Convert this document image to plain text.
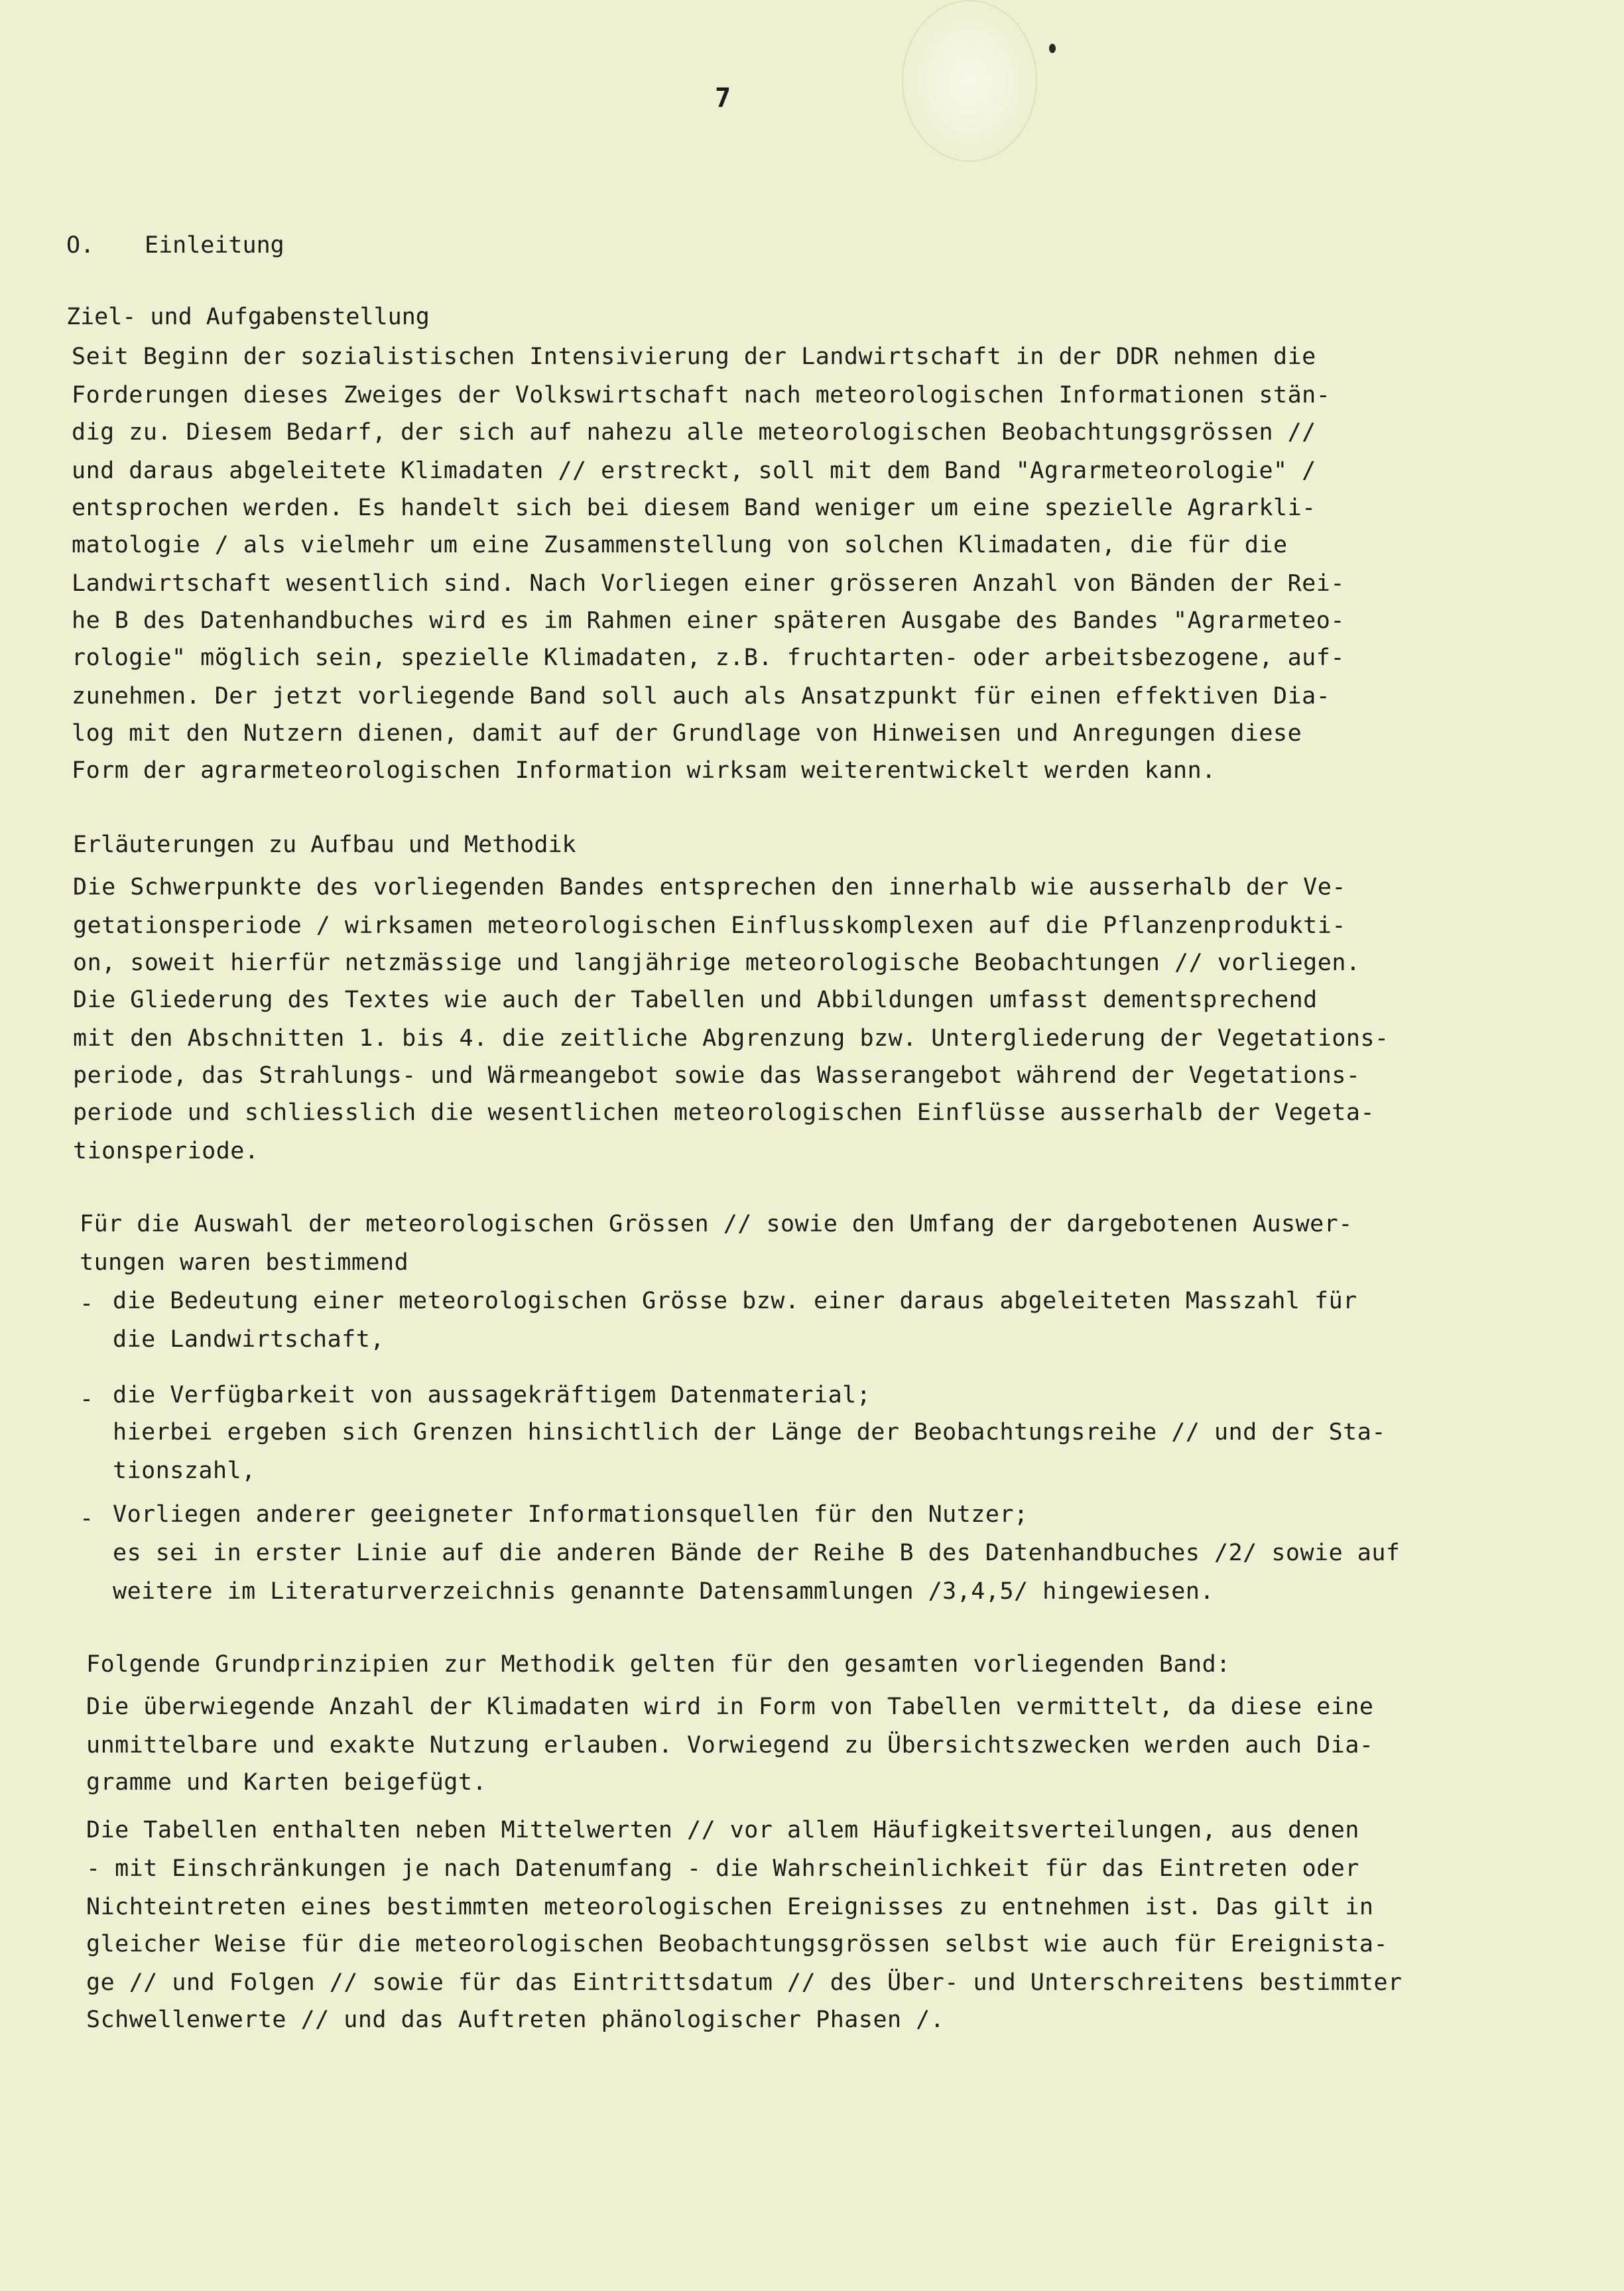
7
O. Einleitung
Ziel- und Aufgabenstellung
Seit Beginn der sozialistischen Intensivierung der Landwirtschaft in der DDR nehmen die
Forderungen dieses Zweiges der Volkswirtschaft nach meteorologischen Informationen stän-
dig zu. Diesem Bedarf, der sich auf nahezu alle meteorologischen Beobachtungsgrössen //
und daraus abgeleitete Klimadaten // erstreckt, soll mit dem Band "Agrarmeteorologie" /
entsprochen werden. Es handelt sich bei diesem Band weniger um eine spezielle Agrarkli-
matologie / als vielmehr um eine Zusammenstellung von solchen Klimadaten, die für die
Landwirtschaft wesentlich sind. Nach Vorliegen einer grösseren Anzahl von Bänden der Rei-
he B des Datenhandbuches wird es im Rahmen einer späteren Ausgabe des Bandes "Agrarmeteo-
rologie" möglich sein, spezielle Klimadaten, z.B. fruchtarten- oder arbeitsbezogene, auf-
zunehmen. Der jetzt vorliegende Band soll auch als Ansatzpunkt für einen effektiven Dia-
log mit den Nutzern dienen, damit auf der Grundlage von Hinweisen und Anregungen diese
Form der agrarmeteorologischen Information wirksam weiterentwickelt werden kann.
Erläuterungen zu Aufbau und Methodik
Die Schwerpunkte des vorliegenden Bandes entsprechen den innerhalb wie ausserhalb der Ve-
getationsperiode / wirksamen meteorologischen Einflusskomplexen auf die Pflanzenprodukti-
on, soweit hierfür netzmässige und langjährige meteorologische Beobachtungen // vorliegen.
Die Gliederung des Textes wie auch der Tabellen und Abbildungen umfasst dementsprechend
mit den Abschnitten 1. bis 4. die zeitliche Abgrenzung bzw. Untergliederung der Vegetations-
periode, das Strahlungs- und Wärmeangebot sowie das Wasserangebot während der Vegetations-
periode und schliesslich die wesentlichen meteorologischen Einflüsse ausserhalb der Vegeta-
tionsperiode.
Für die Auswahl der meteorologischen Grössen // sowie den Umfang der dargebotenen Auswer-
tungen waren bestimmend
- die Bedeutung einer meteorologischen Grösse bzw. einer daraus abgeleiteten Masszahl für
die Landwirtschaft,
- die Verfügbarkeit von aussagekräftigem Datenmaterial;
hierbei ergeben sich Grenzen hinsichtlich der Länge der Beobachtungsreihe // und der Sta-
tionszahl,
- Vorliegen anderer geeigneter Informationsquellen für den Nutzer;
es sei in erster Linie auf die anderen Bände der Reihe B des Datenhandbuches /2/ sowie auf
weitere im Literaturverzeichnis genannte Datensammlungen /3,4,5/ hingewiesen.
Folgende Grundprinzipien zur Methodik gelten für den gesamten vorliegenden Band:
Die überwiegende Anzahl der Klimadaten wird in Form von Tabellen vermittelt, da diese eine
unmittelbare und exakte Nutzung erlauben. Vorwiegend zu Übersichtszwecken werden auch Dia-
gramme und Karten beigefügt.
Die Tabellen enthalten neben Mittelwerten // vor allem Häufigkeitsverteilungen, aus denen
- mit Einschränkungen je nach Datenumfang - die Wahrscheinlichkeit für das Eintreten oder
Nichteintreten eines bestimmten meteorologischen Ereignisses zu entnehmen ist. Das gilt in
gleicher Weise für die meteorologischen Beobachtungsgrössen selbst wie auch für Ereignista-
ge // und Folgen // sowie für das Eintrittsdatum // des Über- und Unterschreitens bestimmter
Schwellenwerte // und das Auftreten phänologischer Phasen /.
